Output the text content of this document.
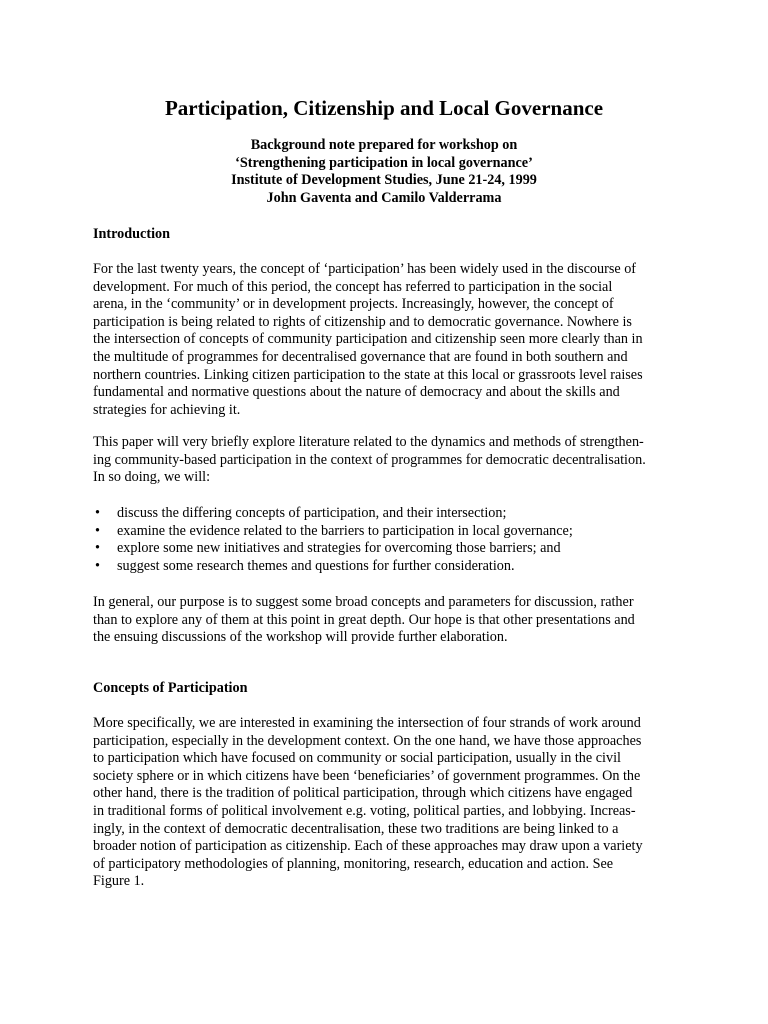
Participation, Citizenship and Local Governance
Background note prepared for workshop on
‘Strengthening participation in local governance’
Institute of Development Studies, June 21-24, 1999
John Gaventa and Camilo Valderrama
Introduction
For the last twenty years, the concept of ‘participation’ has been widely used in the discourse of
development. For much of this period, the concept has referred to participation in the social
arena, in the ‘community’ or in development projects. Increasingly, however, the concept of
participation is being related to rights of citizenship and to democratic governance. Nowhere is
the intersection of concepts of community participation and citizenship seen more clearly than in
the multitude of programmes for decentralised governance that are found in both southern and
northern countries. Linking citizen participation to the state at this local or grassroots level raises
fundamental and normative questions about the nature of democracy and about the skills and
strategies for achieving it.
This paper will very briefly explore literature related to the dynamics and methods of strengthen-
ing community-based participation in the context of programmes for democratic decentralisation.
In so doing, we will:
•	discuss the differing concepts of participation, and their intersection;
•	examine the evidence related to the barriers to participation in local governance;
•	explore some new initiatives and strategies for overcoming those barriers; and
•	suggest some research themes and questions for further consideration.
In general, our purpose is to suggest some broad concepts and parameters for discussion, rather
than to explore any of them at this point in great depth. Our hope is that other presentations and
the ensuing discussions of the workshop will provide further elaboration.
Concepts of Participation
More specifically, we are interested in examining the intersection of four strands of work around
participation, especially in the development context. On the one hand, we have those approaches
to participation which have focused on community or social participation, usually in the civil
society sphere or in which citizens have been ‘beneficiaries’ of government programmes. On the
other hand, there is the tradition of political participation, through which citizens have engaged
in traditional forms of political involvement e.g. voting, political parties, and lobbying. Increas-
ingly, in the context of democratic decentralisation, these two traditions are being linked to a
broader notion of participation as citizenship. Each of these approaches may draw upon a variety
of participatory methodologies of planning, monitoring, research, education and action. See
Figure 1.
